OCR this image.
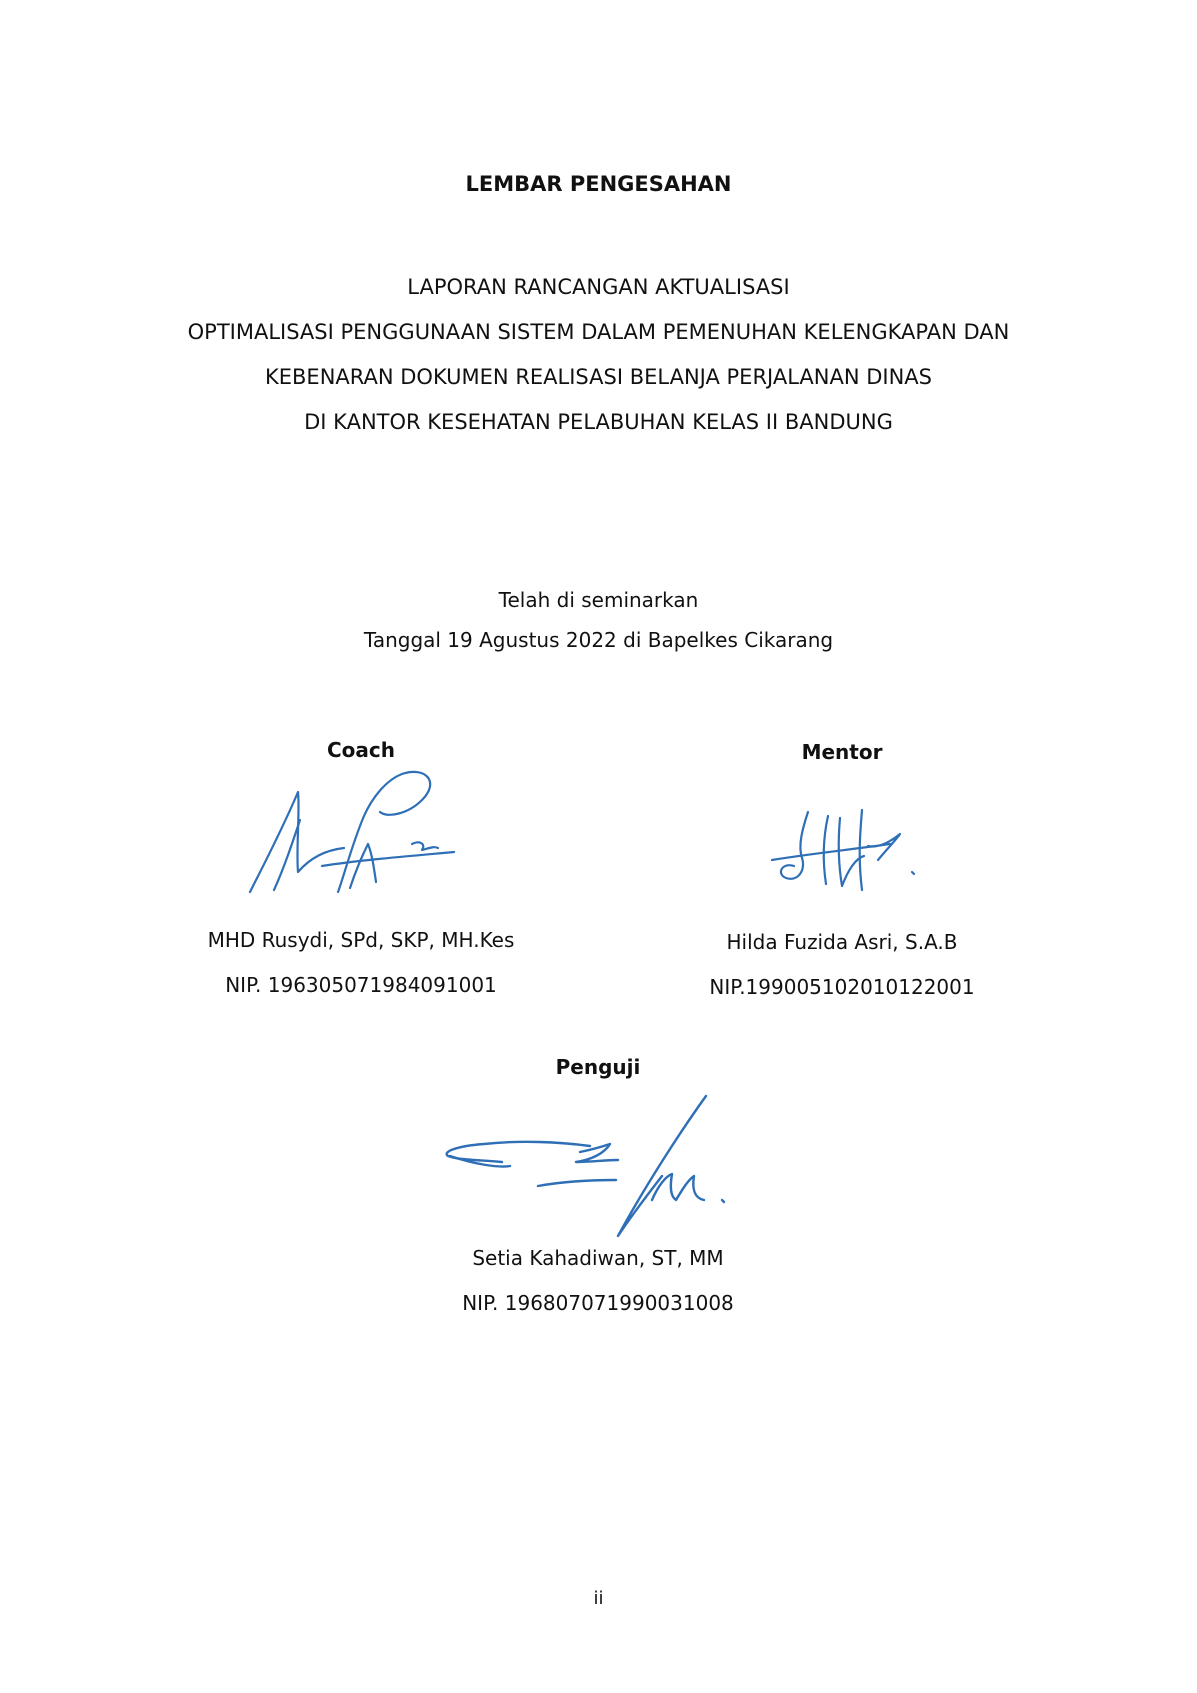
LEMBAR PENGESAHAN
LAPORAN RANCANGAN AKTUALISASI
OPTIMALISASI PENGGUNAAN SISTEM DALAM PEMENUHAN KELENGKAPAN DAN
KEBENARAN DOKUMEN REALISASI BELANJA PERJALANAN DINAS
DI KANTOR KESEHATAN PELABUHAN KELAS II BANDUNG
Telah di seminarkan
Tanggal 19 Agustus 2022 di Bapelkes Cikarang
Coach
MHD Rusydi, SPd, SKP, MH.Kes
NIP. 196305071984091001
Mentor
Hilda Fuzida Asri, S.A.B
NIP.199005102010122001
Penguji
Setia Kahadiwan, ST, MM
NIP. 196807071990031008
ii
